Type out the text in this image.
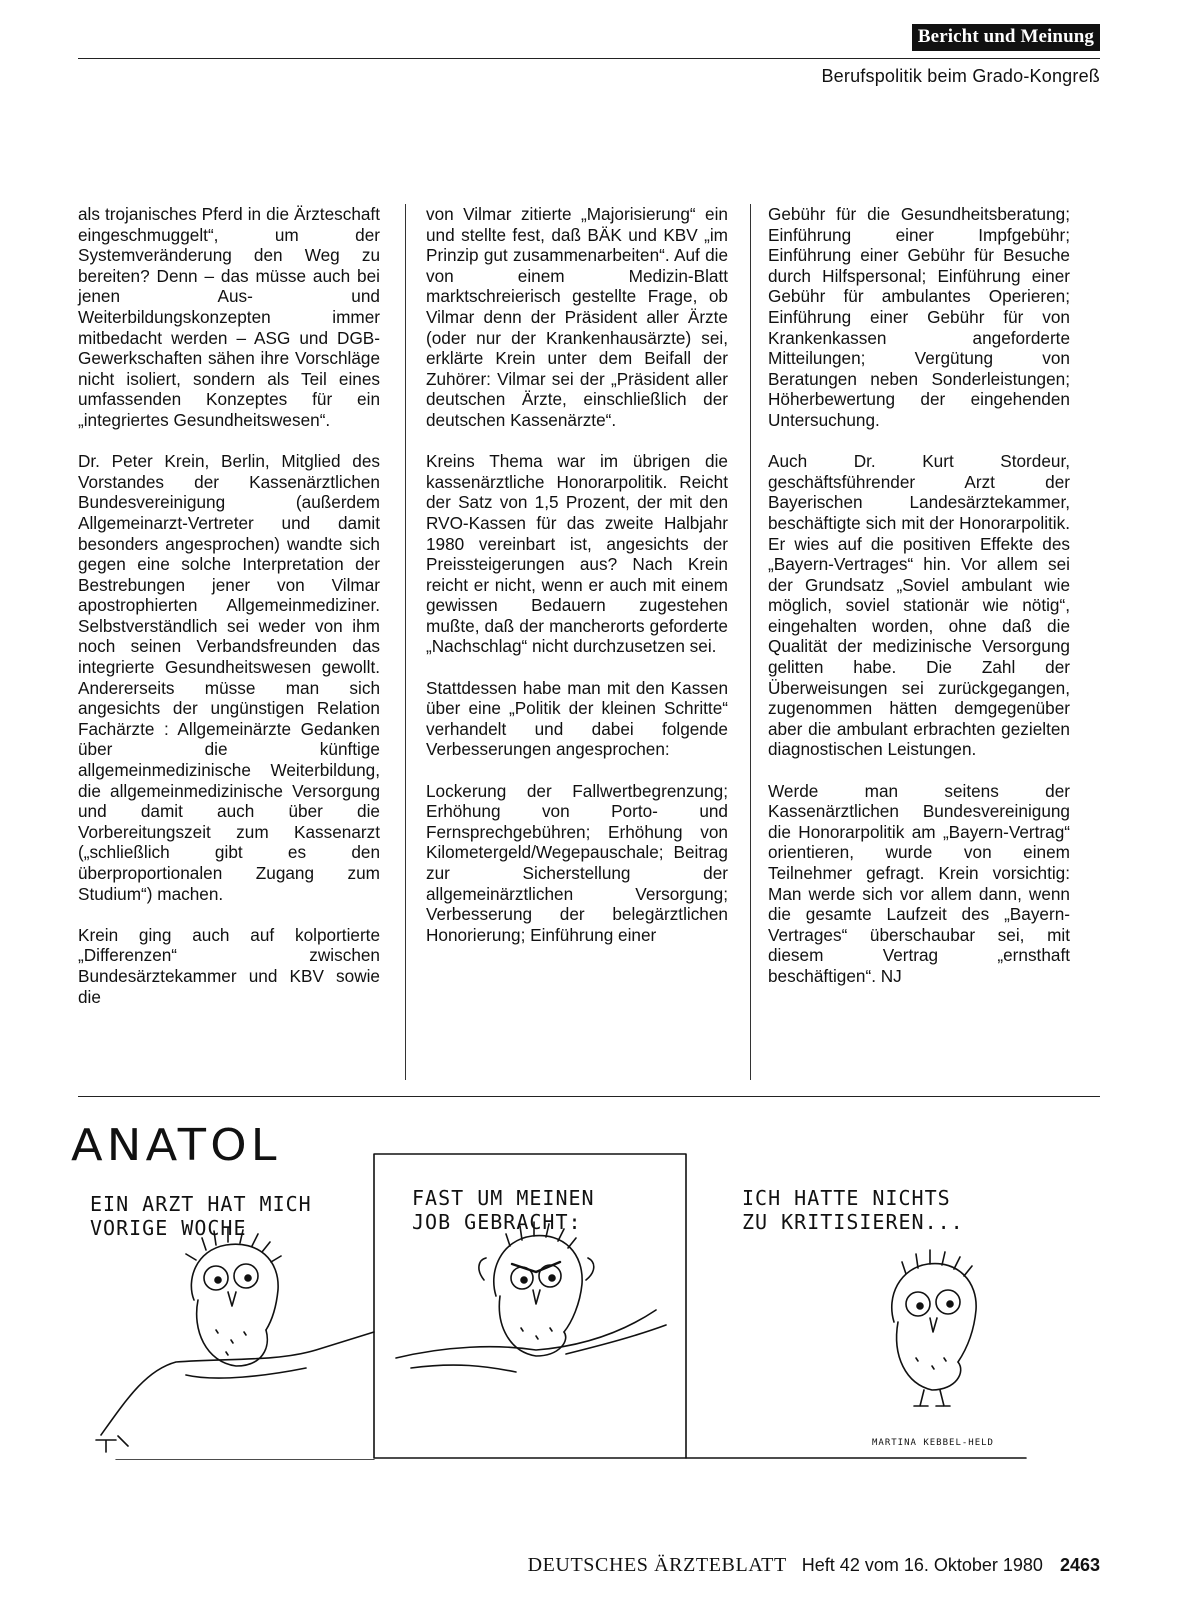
Bericht und Meinung
Berufspolitik beim Grado-Kongreß

als trojanisches Pferd in die Ärzteschaft eingeschmuggelt“, um der Systemveränderung den Weg zu bereiten? Denn – das müsse auch bei jenen Aus- und Weiterbildungskonzepten immer mitbedacht werden – ASG und DGB-Gewerkschaften sähen ihre Vorschläge nicht isoliert, sondern als Teil eines umfassenden Konzeptes für ein „integriertes Gesundheitswesen“.

Dr. Peter Krein, Berlin, Mitglied des Vorstandes der Kassenärztlichen Bundesvereinigung (außerdem Allgemeinarzt-Vertreter und damit besonders angesprochen) wandte sich gegen eine solche Interpretation der Bestrebungen jener von Vilmar apostrophierten Allgemeinmediziner. Selbstverständlich sei weder von ihm noch seinen Verbandsfreunden das integrierte Gesundheitswesen gewollt. Andererseits müsse man sich angesichts der ungünstigen Relation Fachärzte : Allgemeinärzte Gedanken über die künftige allgemeinmedizinische Weiterbildung, die allgemeinmedizinische Versorgung und damit auch über die Vorbereitungszeit zum Kassenarzt („schließlich gibt es den überproportionalen Zugang zum Studium“) machen.

Krein ging auch auf kolportierte „Differenzen“ zwischen Bundesärztekammer und KBV sowie die

von Vilmar zitierte „Majorisierung“ ein und stellte fest, daß BÄK und KBV „im Prinzip gut zusammenarbeiten“. Auf die von einem Medizin-Blatt marktschreierisch gestellte Frage, ob Vilmar denn der Präsident aller Ärzte (oder nur der Krankenhausärzte) sei, erklärte Krein unter dem Beifall der Zuhörer: Vilmar sei der „Präsident aller deutschen Ärzte, einschließlich der deutschen Kassenärzte“.

Kreins Thema war im übrigen die kassenärztliche Honorarpolitik. Reicht der Satz von 1,5 Prozent, der mit den RVO-Kassen für das zweite Halbjahr 1980 vereinbart ist, angesichts der Preissteigerungen aus? Nach Krein reicht er nicht, wenn er auch mit einem gewissen Bedauern zugestehen mußte, daß der mancherorts geforderte „Nachschlag“ nicht durchzusetzen sei.

Stattdessen habe man mit den Kassen über eine „Politik der kleinen Schritte“ verhandelt und dabei folgende Verbesserungen angesprochen:

Lockerung der Fallwertbegrenzung; Erhöhung von Porto- und Fernsprechgebühren; Erhöhung von Kilometergeld/Wegepauschale; Beitrag zur Sicherstellung der allgemeinärztlichen Versorgung; Verbesserung der belegärztlichen Honorierung; Einführung einer

Gebühr für die Gesundheitsberatung; Einführung einer Impfgebühr; Einführung einer Gebühr für Besuche durch Hilfspersonal; Einführung einer Gebühr für ambulantes Operieren; Einführung einer Gebühr für von Krankenkassen angeforderte Mitteilungen; Vergütung von Beratungen neben Sonderleistungen; Höherbewertung der eingehenden Untersuchung.

Auch Dr. Kurt Stordeur, geschäftsführender Arzt der Bayerischen Landesärztekammer, beschäftigte sich mit der Honorarpolitik. Er wies auf die positiven Effekte des „Bayern-Vertrages“ hin. Vor allem sei der Grundsatz „Soviel ambulant wie möglich, soviel stationär wie nötig“, eingehalten worden, ohne daß die Qualität der medizinische Versorgung gelitten habe. Die Zahl der Überweisungen sei zurückgegangen, zugenommen hätten demgegenüber aber die ambulant erbrachten gezielten diagnostischen Leistungen.

Werde man seitens der Kassenärztlichen Bundesvereinigung die Honorarpolitik am „Bayern-Vertrag“ orientieren, wurde von einem Teilnehmer gefragt. Krein vorsichtig: Man werde sich vor allem dann, wenn die gesamte Laufzeit des „Bayern-Vertrages“ überschaubar sei, mit diesem Vertrag „ernsthaft beschäftigen“. NJ

ANATOL
EIN ARZT HAT MICH
VORIGE WOCHE
FAST UM MEINEN
JOB GEBRACHT:
ICH HATTE NICHTS
ZU KRITISIEREN...
MARTINA KEBBEL-HELD
DEUTSCHES ÄRZTEBLATT Heft 42 vom 16. Oktober 1980 2463
